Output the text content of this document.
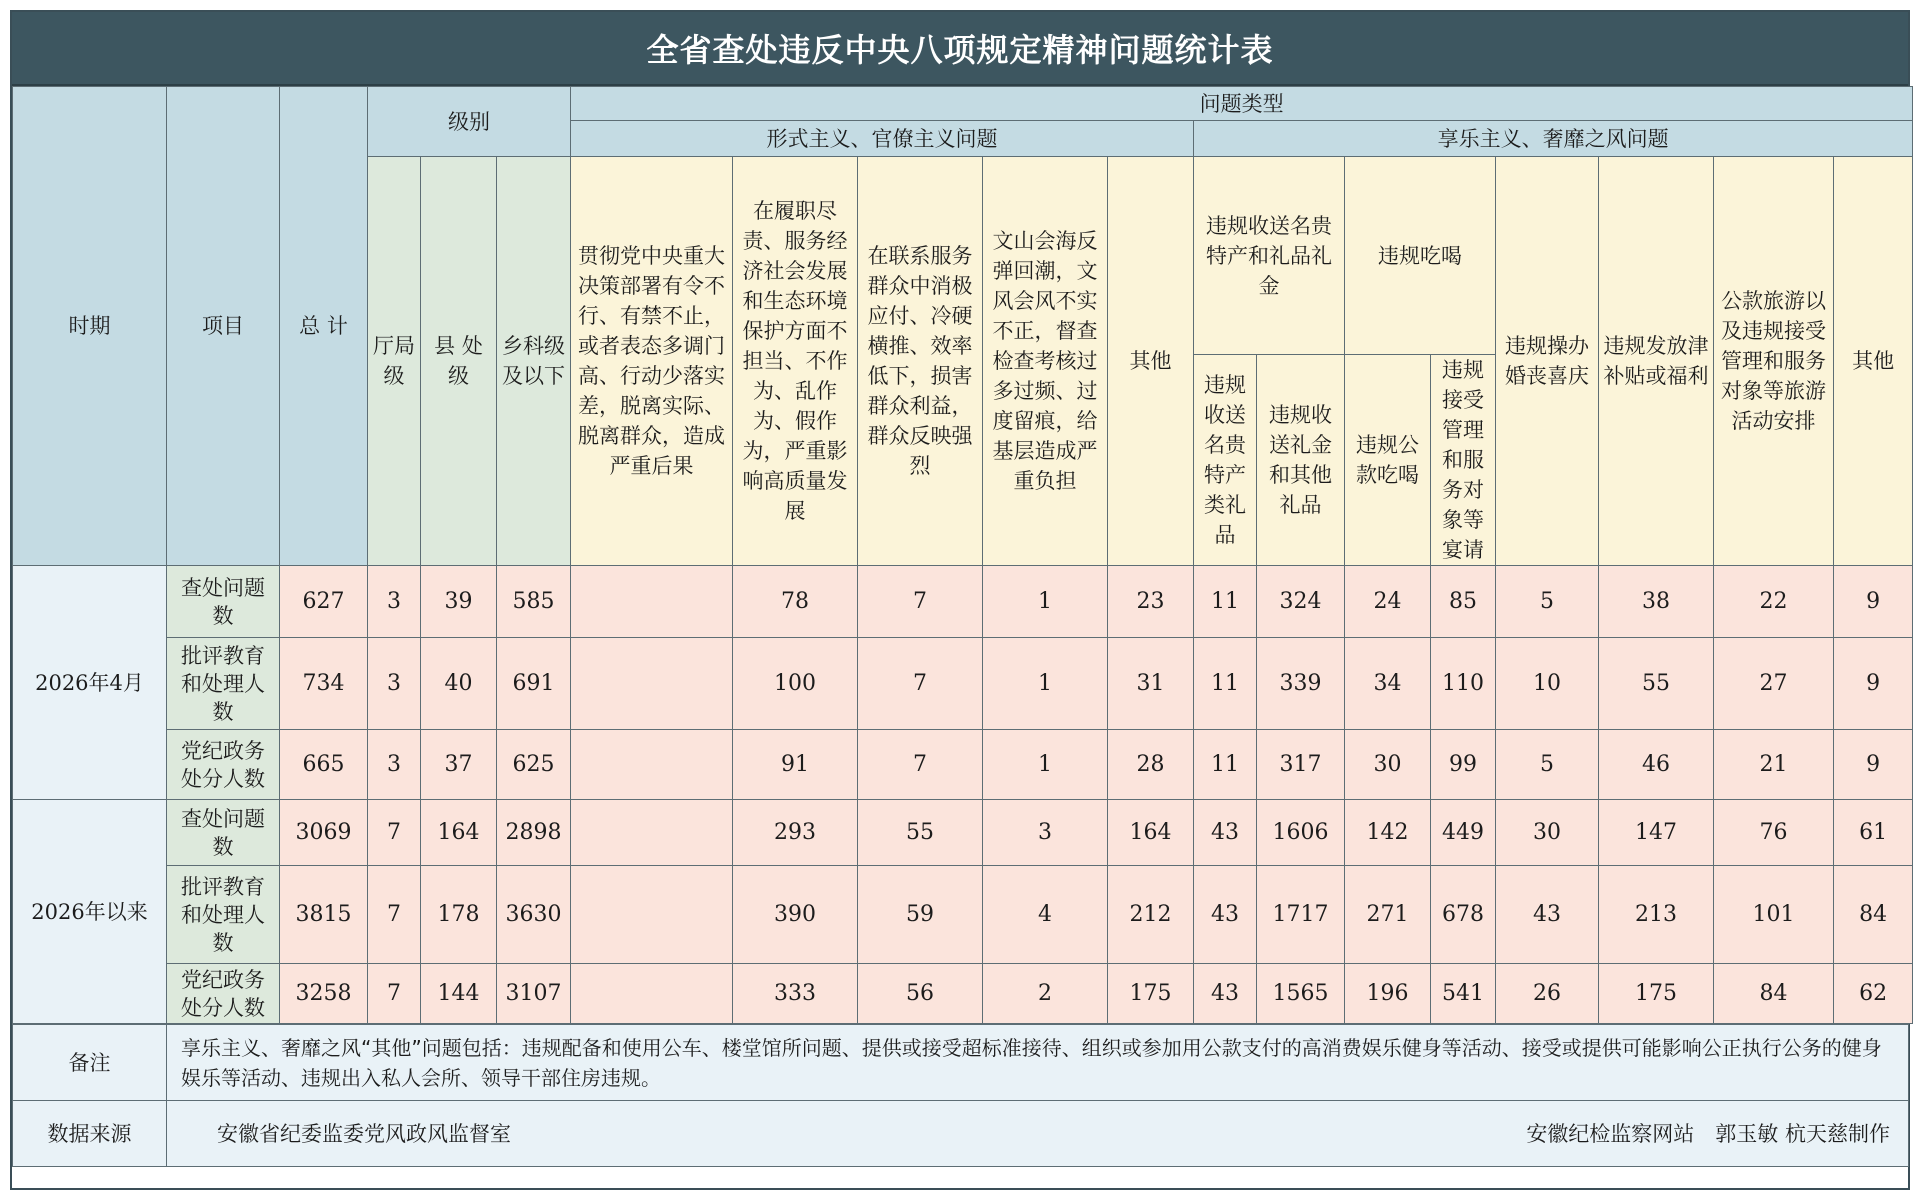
全省查处违反中央八项规定精神问题统计表
时期	项目	总 计	级别			问题类型												
						形式主义、官僚主义问题					享乐主义、奢靡之风问题							
			厅局级	县 处级	乡科级及以下	贯彻党中央重大决策部署有令不行、有禁不止，或者表态多调门高、行动少落实差，脱离实际、脱离群众，造成严重后果	在履职尽责、服务经济社会发展和生态环境保护方面不担当、不作为、乱作为、假作为，严重影响高质量发展	在联系服务群众中消极应付、冷硬横推、效率低下，损害群众利益，群众反映强烈	文山会海反弹回潮，文风会风不实不正，督查检查考核过多过频、过度留痕，给基层造成严重负担	其他	违规收送名贵特产和礼品礼金		违规吃喝		违规操办婚丧喜庆	违规发放津补贴或福利	公款旅游以及违规接受管理和服务对象等旅游活动安排	其他
											违规收送名贵特产类礼品	违规收送礼金和其他礼品	违规公款吃喝	违规接受管理和服务对象等宴请				

2026年4月	查处问题数	627	3	39	585		78	7	1	23	11	324	24	85	5	38	22	9
	批评教育和处理人数	734	3	40	691		100	7	1	31	11	339	34	110	10	55	27	9
	党纪政务处分人数	665	3	37	625		91	7	1	28	11	317	30	99	5	46	21	9
2026年以来	查处问题数	3069	7	164	2898		293	55	3	164	43	1606	142	449	30	147	76	61
	批评教育和处理人数	3815	7	178	3630		390	59	4	212	43	1717	271	678	43	213	101	84
	党纪政务处分人数	3258	7	144	3107		333	56	2	175	43	1565	196	541	26	175	84	62
备注	享乐主义、奢靡之风“其他”问题包括：违规配备和使用公车、楼堂馆所问题、提供或接受超标准接待、组织或参加用公款支付的高消费娱乐健身等活动、接受或提供可能影响公正执行公务的健身娱乐等活动、违规出入私人会所、领导干部住房违规。
数据来源	安徽省纪委监委党风政风监督室 安徽纪检监察网站　郭玉敏 杭天慈制作
